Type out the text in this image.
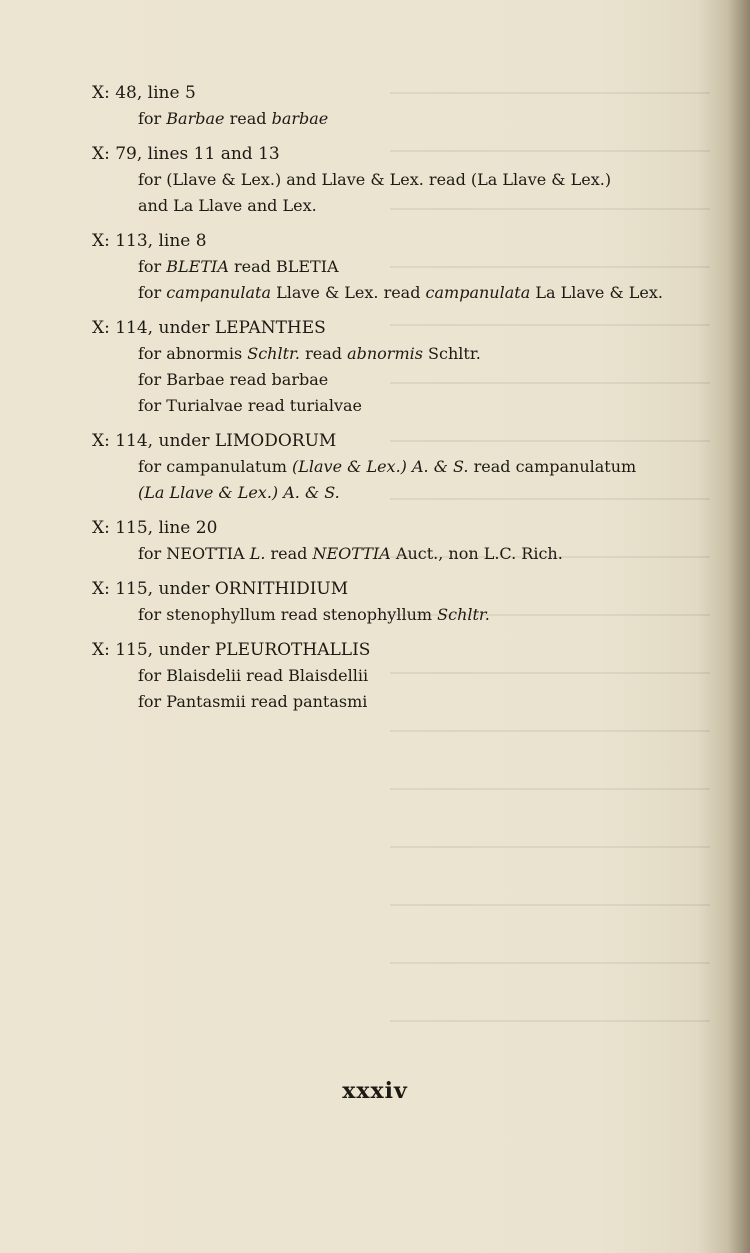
X: 48, line 5
for Barbae read barbae
X: 79, lines 11 and 13
for (Llave & Lex.) and Llave & Lex. read (La Llave & Lex.)
and La Llave and Lex.
X: 113, line 8
for BLETIA read BLETIA
for campanulata Llave & Lex. read campanulata La Llave & Lex.
X: 114, under LEPANTHES
for abnormis Schltr. read abnormis Schltr.
for Barbae read barbae
for Turialvae read turialvae
X: 114, under LIMODORUM
for campanulatum (Llave & Lex.) A. & S. read campanulatum
(La Llave & Lex.) A. & S.
X: 115, line 20
for NEOTTIA L. read NEOTTIA Auct., non L.C. Rich.
X: 115, under ORNITHIDIUM
for stenophyllum read stenophyllum Schltr.
X: 115, under PLEUROTHALLIS
for Blaisdelii read Blaisdellii
for Pantasmii read pantasmi
xxxiv
